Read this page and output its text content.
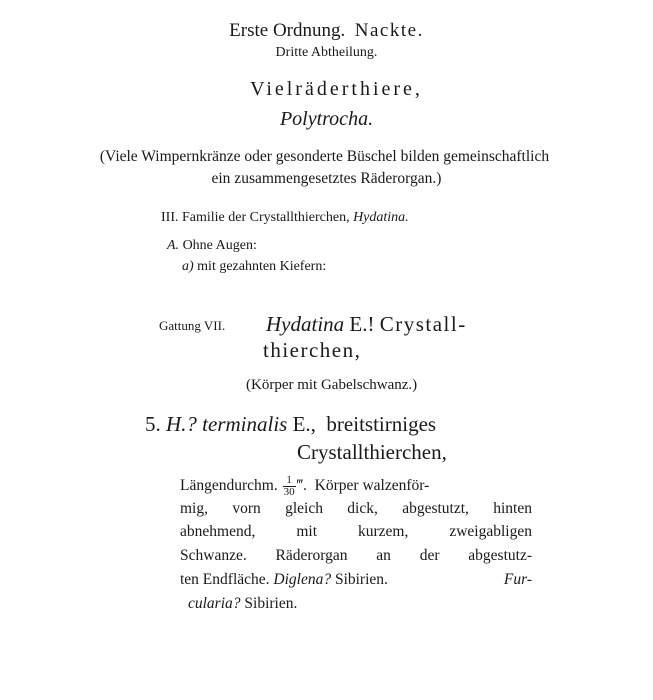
Erste Ordnung. Nackte.
Dritte Abtheilung.
Vielräderthiere,
Polytrocha.
(Viele Wimpernkränze oder gesonderte Büschel bilden gemeinschaftlich
ein zusammengesetztes Räderorgan.)
III. Familie der Crystallthierchen, Hydatina.
A. Ohne Augen:
a) mit gezahnten Kiefern:
Gattung VII. Hydatina E.! Crystall-
thierchen,
(Körper mit Gabelschwanz.)
5. H.? terminalis E., breitstirniges
Crystallthierchen,
Längendurchm. $\frac{1}{30}$ ‴. Körper walzenför-
mig, vorn gleich dick, abgestutzt, hinten
abnehmend, mit kurzem, zweigabligen
Schwanze. Räderorgan an der abgestutz-
ten Endfläche. Diglena? Sibirien.	Fur-
cularia? Sibirien.
